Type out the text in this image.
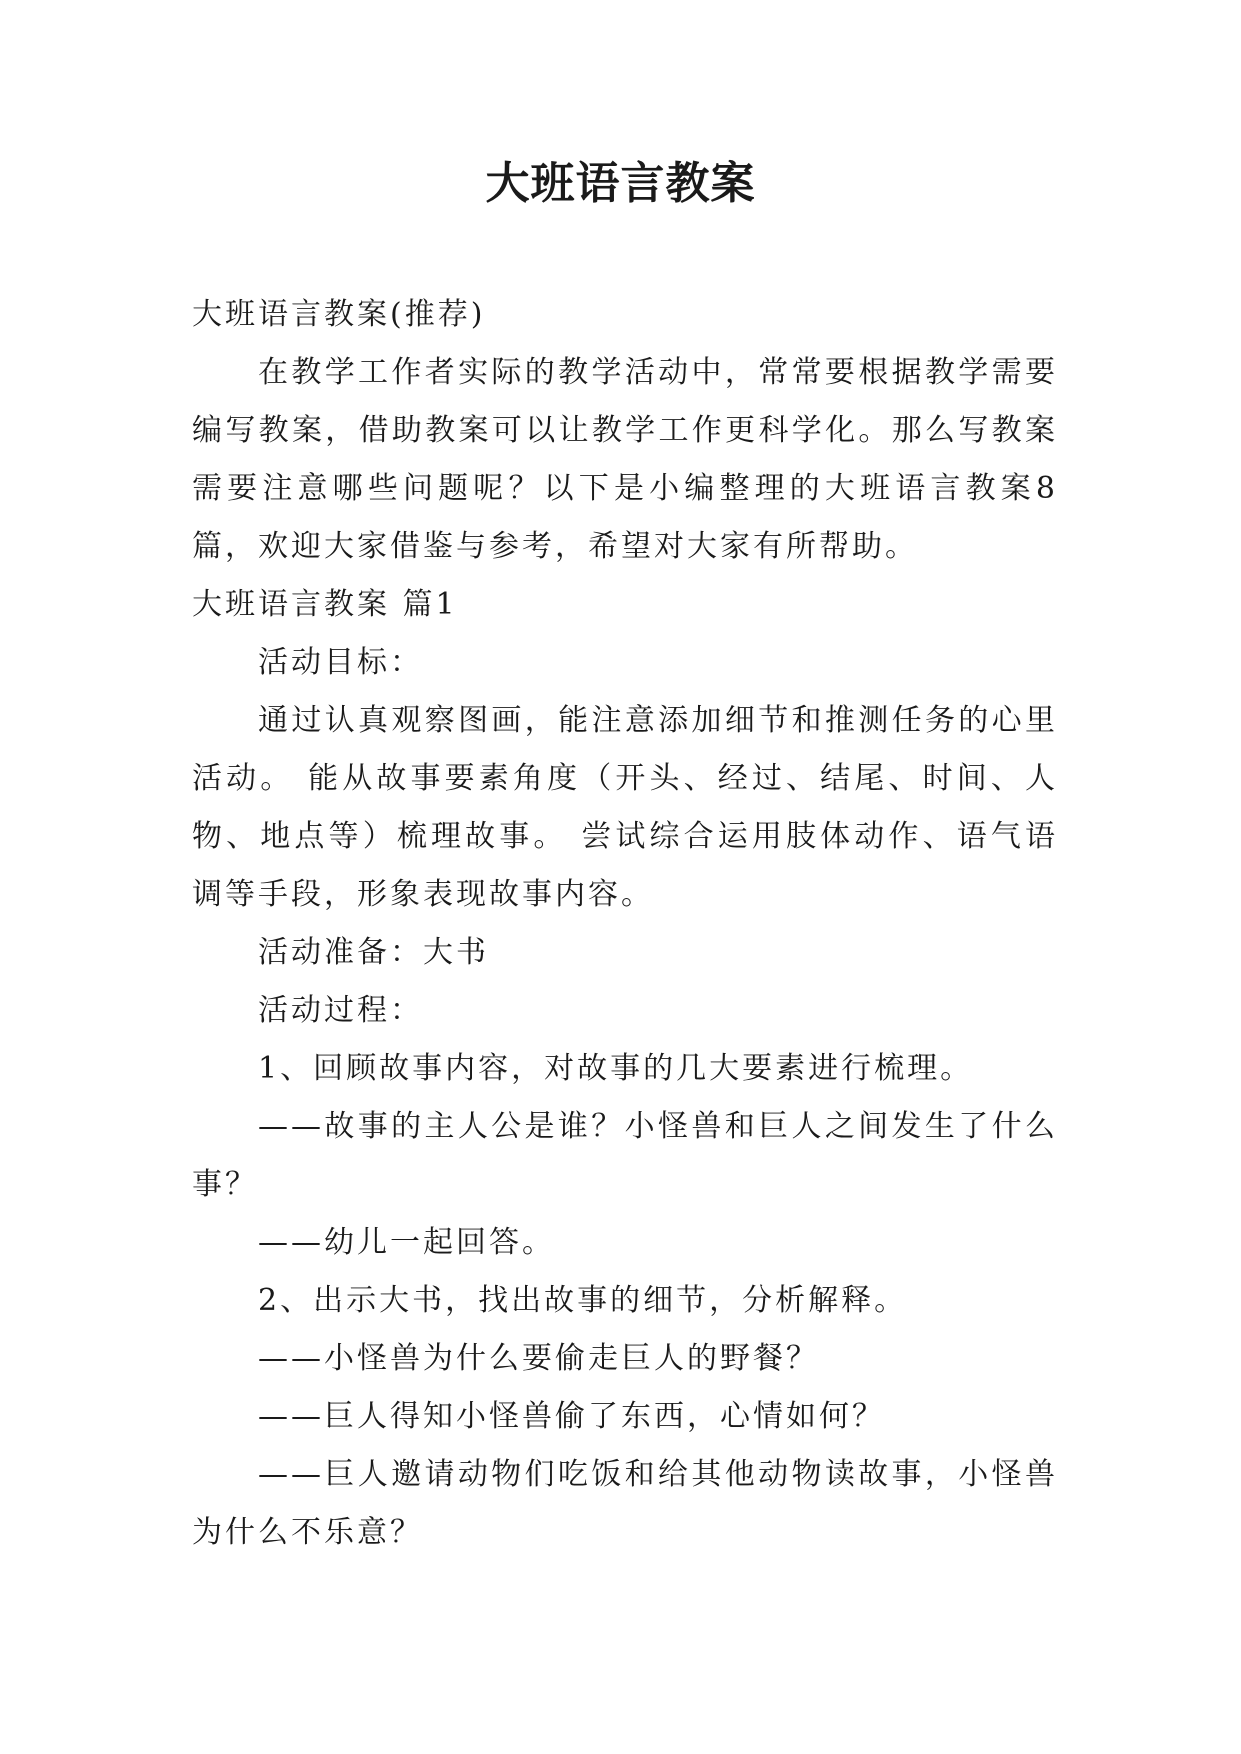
大班语言教案

大班语言教案(推荐)

在教学工作者实际的教学活动中，常常要根据教学需要编写教案，借助教案可以让教学工作更科学化。那么写教案需要注意哪些问题呢？以下是小编整理的大班语言教案8篇，欢迎大家借鉴与参考，希望对大家有所帮助。

大班语言教案 篇1

活动目标：

通过认真观察图画，能注意添加细节和推测任务的心里活动。 能从故事要素角度（开头、经过、结尾、时间、人物、地点等）梳理故事。 尝试综合运用肢体动作、语气语调等手段，形象表现故事内容。

活动准备：大书

活动过程：

1、回顾故事内容，对故事的几大要素进行梳理。

——故事的主人公是谁？小怪兽和巨人之间发生了什么事？

——幼儿一起回答。

2、出示大书，找出故事的细节，分析解释。

——小怪兽为什么要偷走巨人的野餐？

——巨人得知小怪兽偷了东西，心情如何？

——巨人邀请动物们吃饭和给其他动物读故事，小怪兽为什么不乐意？
